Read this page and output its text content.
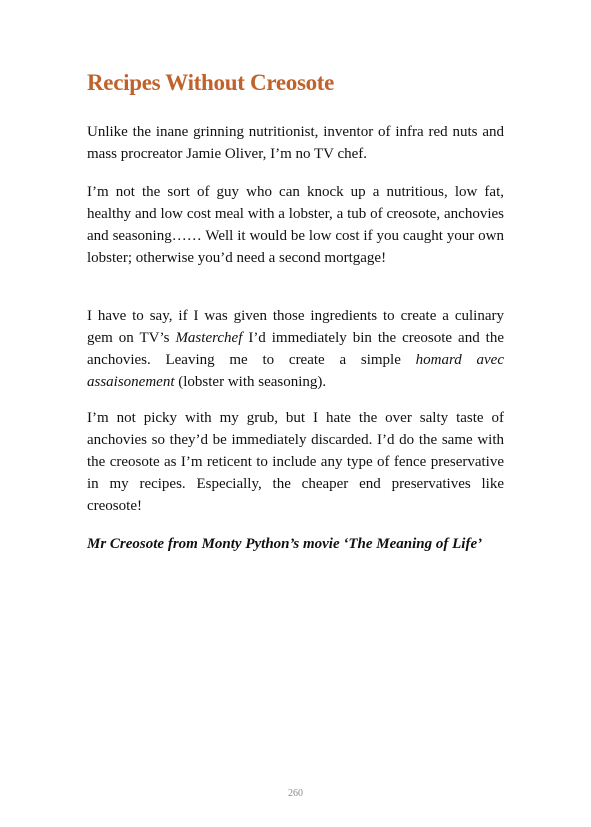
Recipes Without Creosote

Unlike the inane grinning nutritionist, inventor of infra red nuts and mass procreator Jamie Oliver, I’m no TV chef.

I’m not the sort of guy who can knock up a nutritious, low fat, healthy and low cost meal with a lobster, a tub of creosote, anchovies and seasoning…… Well it would be low cost if you caught your own lobster; otherwise you’d need a second mortgage!

I have to say, if I was given those ingredients to create a culinary gem on TV’s Masterchef I’d immediately bin the creosote and the anchovies. Leaving me to create a simple homard avec assaisonement (lobster with seasoning).

I’m not picky with my grub, but I hate the over salty taste of anchovies so they’d be immediately discarded. I’d do the same with the creosote as I’m reticent to include any type of fence preservative in my recipes. Especially, the cheaper end preservatives like creosote!

Mr Creosote from Monty Python’s movie ‘The Meaning of Life’

260
